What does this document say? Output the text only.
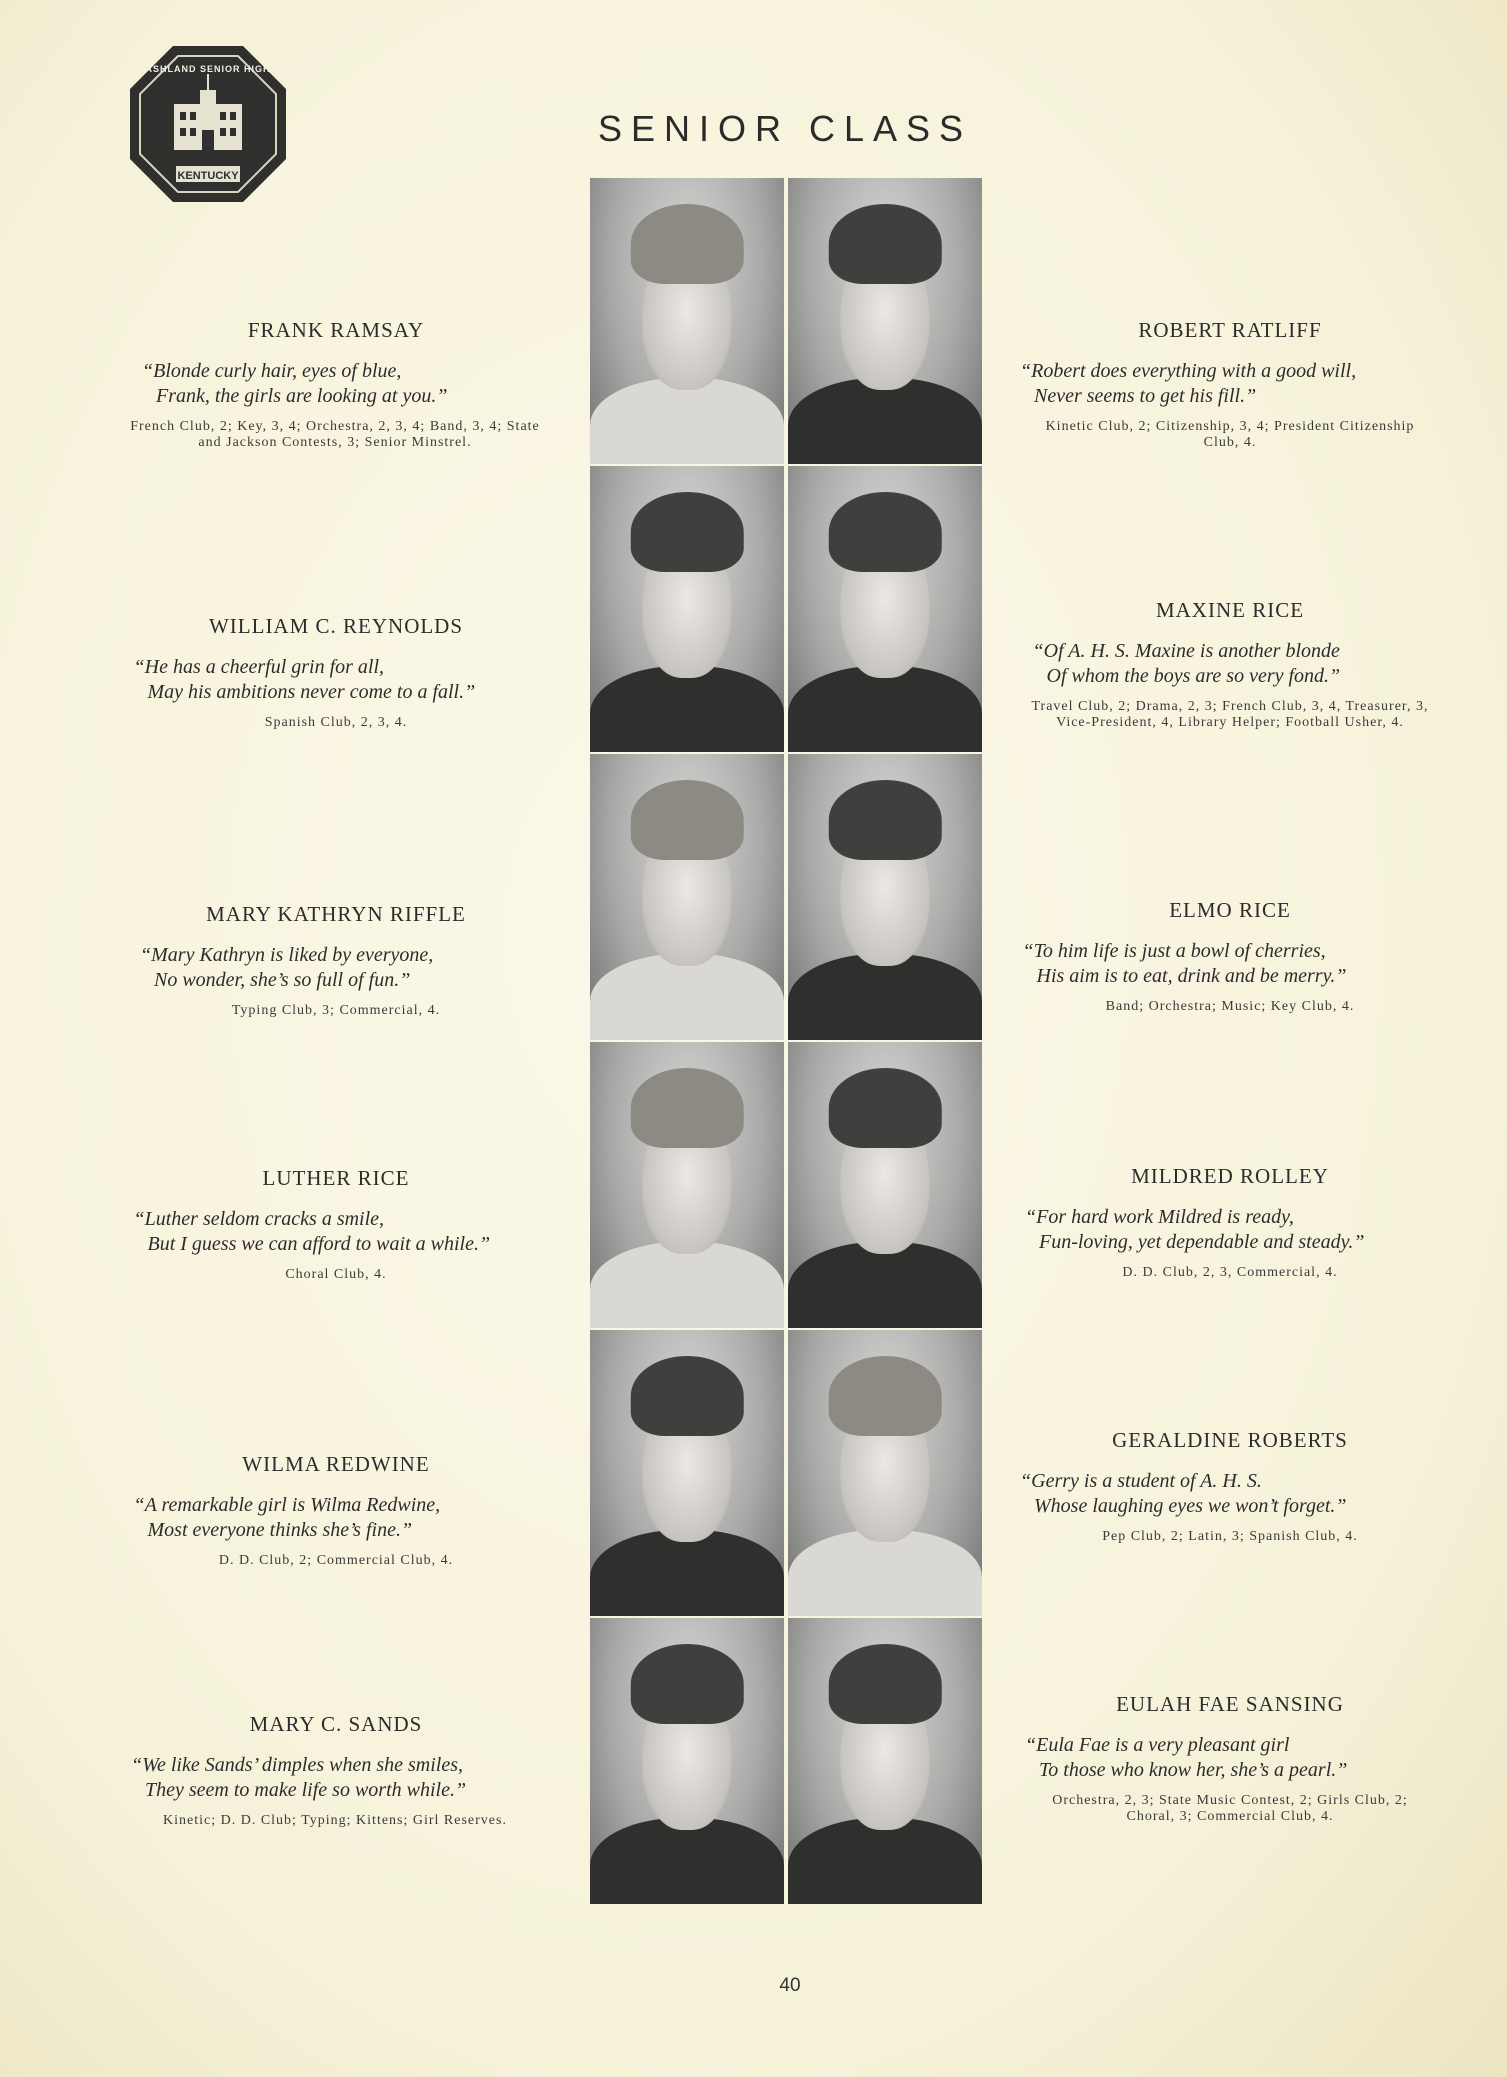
KENTUCKY
ASHLAND SENIOR HIGH
SENIOR CLASS
FRANK RAMSAY
“Blonde curly hair, eyes of blue,
Frank, the girls are looking at you.”
French Club, 2; Key, 3, 4; Orchestra, 2, 3, 4; Band, 3, 4; State and Jackson Contests, 3; Senior Minstrel.
WILLIAM C. REYNOLDS
“He has a cheerful grin for all,
May his ambitions never come to a fall.”
Spanish Club, 2, 3, 4.
MARY KATHRYN RIFFLE
“Mary Kathryn is liked by everyone,
No wonder, she’s so full of fun.”
Typing Club, 3; Commercial, 4.
LUTHER RICE
“Luther seldom cracks a smile,
But I guess we can afford to wait a while.”
Choral Club, 4.
WILMA REDWINE
“A remarkable girl is Wilma Redwine,
Most everyone thinks she’s fine.”
D. D. Club, 2; Commercial Club, 4.
MARY C. SANDS
“We like Sands’ dimples when she smiles,
They seem to make life so worth while.”
Kinetic; D. D. Club; Typing; Kittens; Girl Reserves.
ROBERT RATLIFF
“Robert does everything with a good will,
Never seems to get his fill.”
Kinetic Club, 2; Citizenship, 3, 4; President Citizenship Club, 4.
MAXINE RICE
“Of A. H. S. Maxine is another blonde
Of whom the boys are so very fond.”
Travel Club, 2; Drama, 2, 3; French Club, 3, 4, Treasurer, 3, Vice-President, 4, Library Helper; Football Usher, 4.
ELMO RICE
“To him life is just a bowl of cherries,
His aim is to eat, drink and be merry.”
Band; Orchestra; Music; Key Club, 4.
MILDRED ROLLEY
“For hard work Mildred is ready,
Fun-loving, yet dependable and steady.”
D. D. Club, 2, 3, Commercial, 4.
GERALDINE ROBERTS
“Gerry is a student of A. H. S.
Whose laughing eyes we won’t forget.”
Pep Club, 2; Latin, 3; Spanish Club, 4.
EULAH FAE SANSING
“Eula Fae is a very pleasant girl
To those who know her, she’s a pearl.”
Orchestra, 2, 3; State Music Contest, 2; Girls Club, 2; Choral, 3; Commercial Club, 4.
40
